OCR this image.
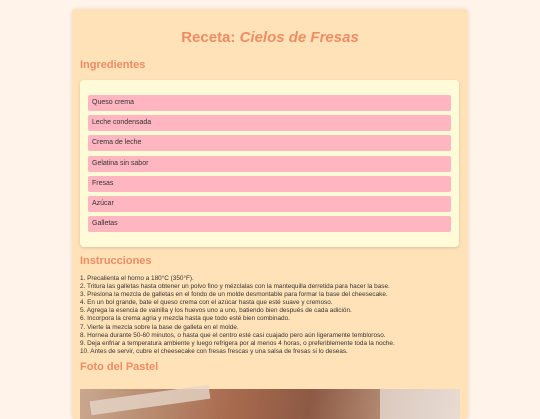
Receta: Cielos de Fresas
Ingredientes
Queso crema
Leche condensada
Crema de leche
Gelatina sin sabor
Fresas
Azúcar
Galletas
Instrucciones
1. Precalienta el horno a 180°C (350°F).
2. Tritura las galletas hasta obtener un polvo fino y mézclalas con la mantequilla derretida para hacer la base.
3. Presiona la mezcla de galletas en el fondo de un molde desmontable para formar la base del cheesecake.
4. En un bol grande, bate el queso crema con el azúcar hasta que esté suave y cremoso.
5. Agrega la esencia de vainilla y los huevos uno a uno, batiendo bien después de cada adición.
6. Incorpora la crema agria y mezcla hasta que todo esté bien combinado.
7. Vierte la mezcla sobre la base de galleta en el molde.
8. Hornea durante 50-60 minutos, o hasta que el centro esté casi cuajado pero aún ligeramente tembloroso.
9. Deja enfriar a temperatura ambiente y luego refrigera por al menos 4 horas, o preferiblemente toda la noche.
10. Antes de servir, cubre el cheesecake con fresas frescas y una salsa de fresas si lo deseas.
Foto del Pastel
